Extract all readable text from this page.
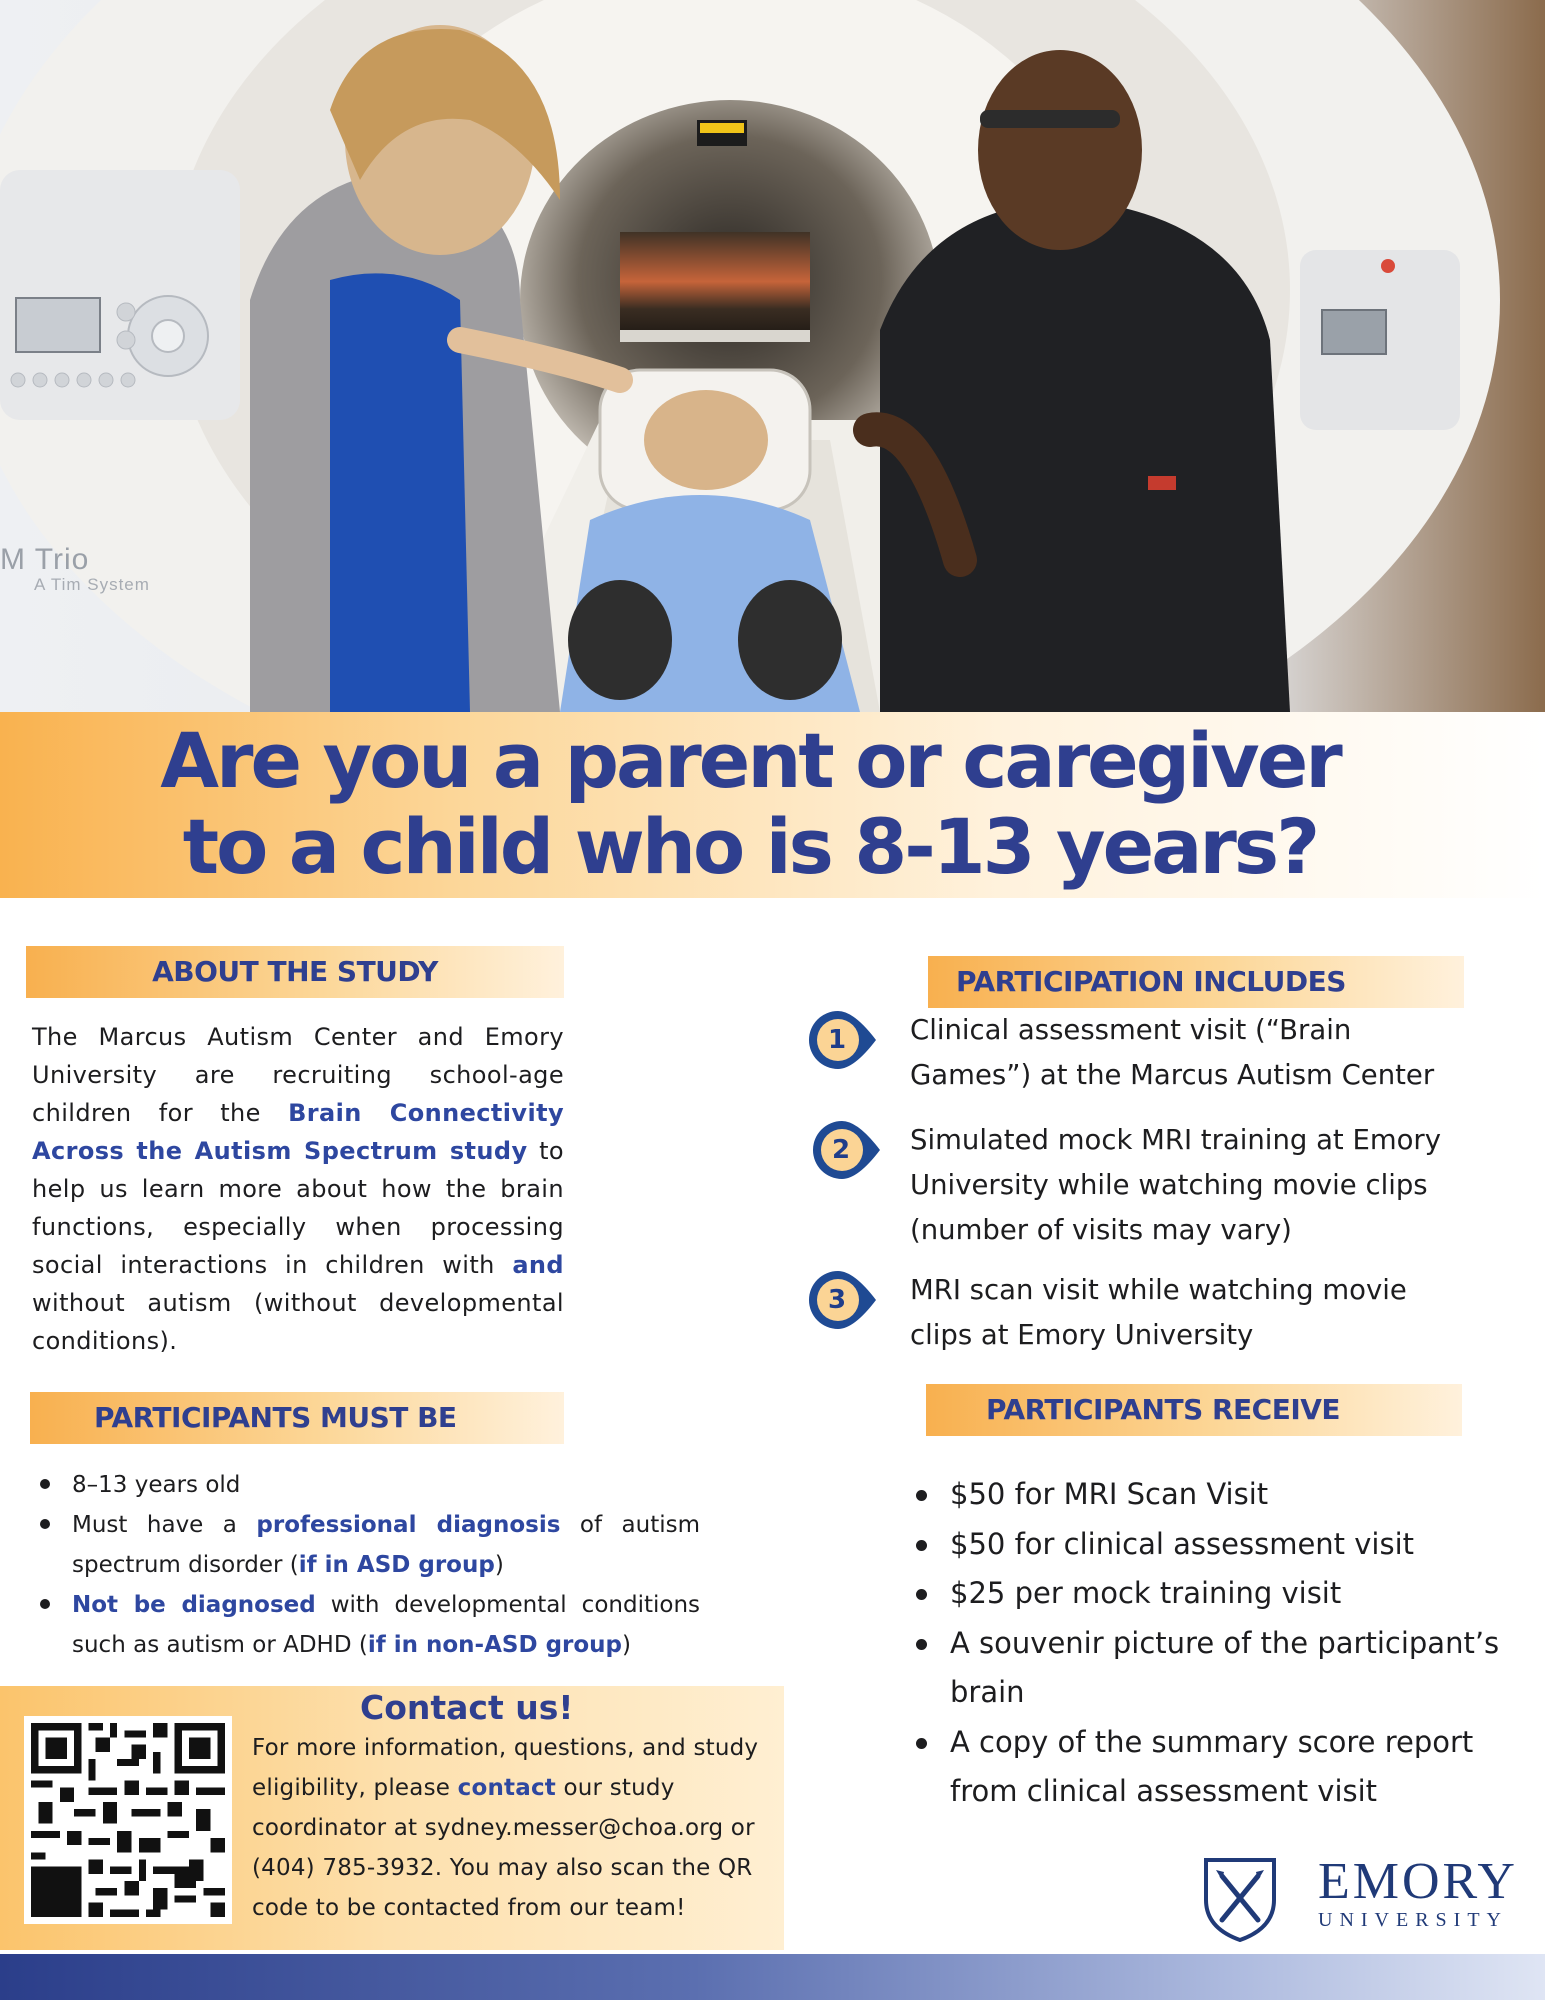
M Trio
A Tim System
Are you a parent or caregiver
to a child who is 8-13 years?
ABOUT THE STUDY
The Marcus Autism Center and Emory University are recruiting school-age children for the Brain Connectivity Across the Autism Spectrum study to help us learn more about how the brain functions, especially when processing social interactions in children with and without autism (without developmental conditions).
PARTICIPANTS MUST BE
8–13 years old
Must have a professional diagnosis of autism spectrum disorder (if in ASD group)
Not be diagnosed with developmental conditions such as autism or ADHD (if in non-ASD group)
PARTICIPATION INCLUDES
1	Clinical assessment visit (“Brain Games”) at the Marcus Autism Center
2	Simulated mock MRI training at Emory University while watching movie clips (number of visits may vary)
3	MRI scan visit while watching movie clips at Emory University
PARTICIPANTS RECEIVE
$50 for MRI Scan Visit
$50 for clinical assessment visit
$25 per mock training visit
A souvenir picture of the participant’s brain
A copy of the summary score report from clinical assessment visit
Contact us!
For more information, questions, and study eligibility, please contact our study coordinator at sydney.messer@choa.org or (404) 785-3932. You may also scan the QR code to be contacted from our team!	EMORY
UNIVERSITY
